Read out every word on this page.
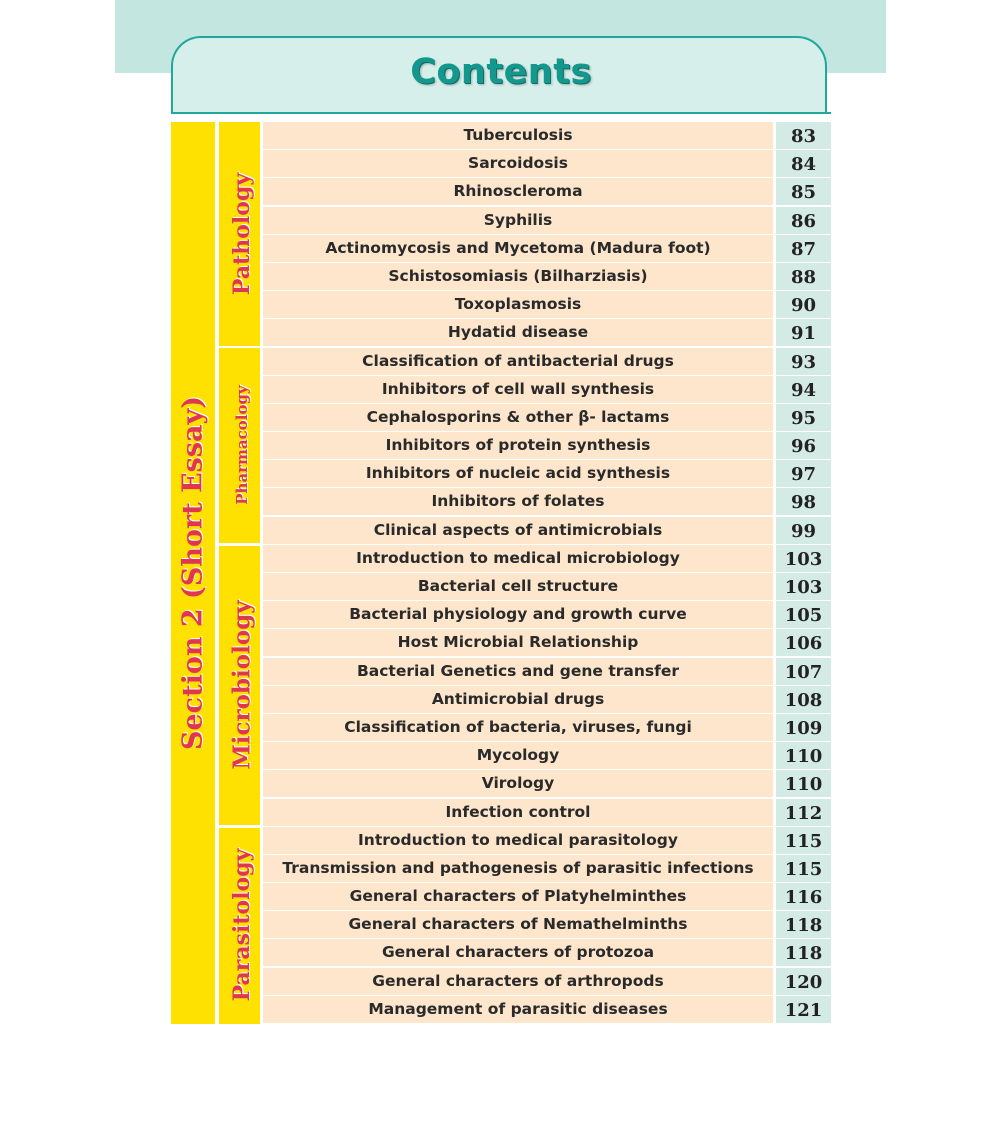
Contents
Section 2 (Short Essay)
Pathology
Pharmacology
Microbiology
Parasitology
Tuberculosis	83
Sarcoidosis	84
Rhinoscleroma	85
Syphilis	86
Actinomycosis and Mycetoma (Madura foot)	87
Schistosomiasis (Bilharziasis)	88
Toxoplasmosis	90
Hydatid disease	91
Classification of antibacterial drugs	93
Inhibitors of cell wall synthesis	94
Cephalosporins & other β- lactams	95
Inhibitors of protein synthesis	96
Inhibitors of nucleic acid synthesis	97
Inhibitors of folates	98
Clinical aspects of antimicrobials	99
Introduction to medical microbiology	103
Bacterial cell structure	103
Bacterial physiology and growth curve	105
Host Microbial Relationship	106
Bacterial Genetics and gene transfer	107
Antimicrobial drugs	108
Classification of bacteria, viruses, fungi	109
Mycology	110
Virology	110
Infection control	112
Introduction to medical parasitology	115
Transmission and pathogenesis of parasitic infections	115
General characters of Platyhelminthes	116
General characters of Nemathelminths	118
General characters of protozoa	118
General characters of arthropods	120
Management of parasitic diseases	121
